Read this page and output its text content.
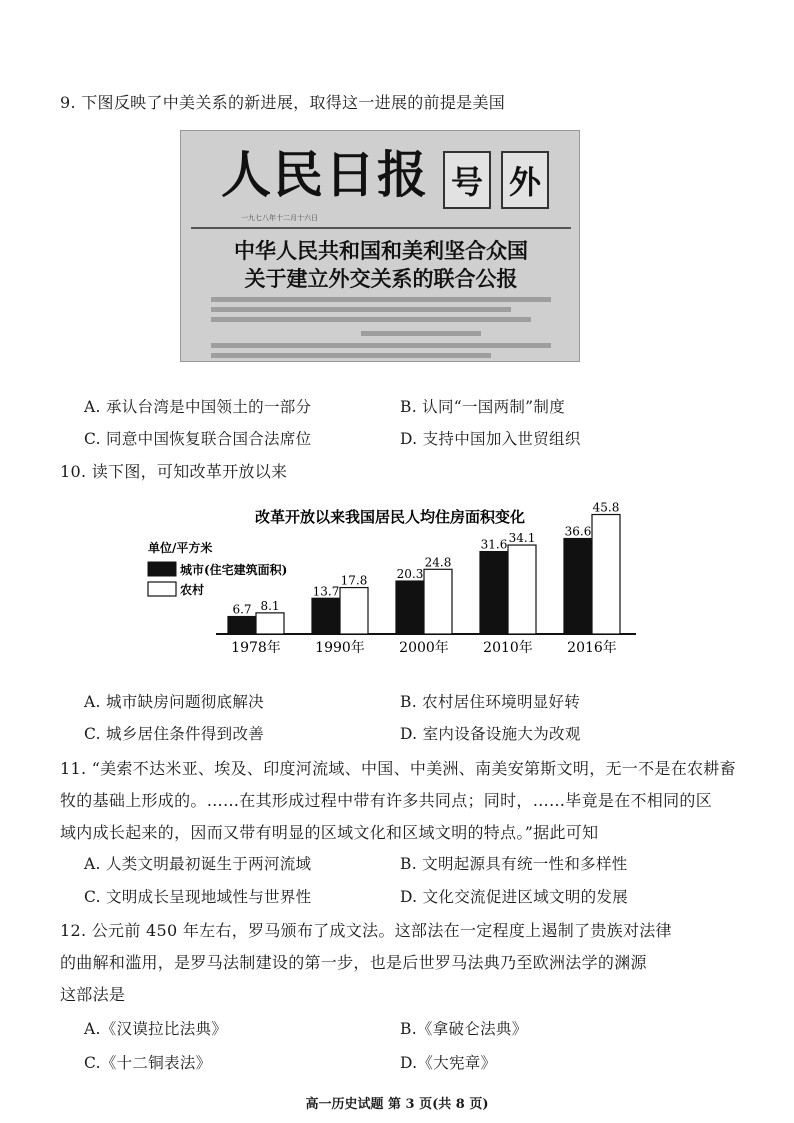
9. 下图反映了中美关系的新进展，取得这一进展的前提是美国
人民日报 号 外
一九七八年十二月十六日
中华人民共和国和美利坚合众国
关于建立外交关系的联合公报
A. 承认台湾是中国领土的一部分	B. 认同“一国两制”制度
C. 同意中国恢复联合国合法席位	D. 支持中国加入世贸组织
10. 读下图，可知改革开放以来
改革开放以来我国居民人均住房面积变化
单位/平方米
城市(住宅建筑面积)
农村
6.7 8.1
1978年
13.7
17.8
1990年
20.3
24.8
2000年
31.6 34.1
2010年
36.6
45.8
2016年
A. 城市缺房问题彻底解决	B. 农村居住环境明显好转
C. 城乡居住条件得到改善	D. 室内设备设施大为改观
11. “美索不达米亚、埃及、印度河流域、中国、中美洲、南美安第斯文明，无一不是在农耕畜
牧的基础上形成的。……在其形成过程中带有许多共同点；同时，……毕竟是在不相同的区
域内成长起来的，因而又带有明显的区域文化和区域文明的特点。”据此可知
A. 人类文明最初诞生于两河流域	B. 文明起源具有统一性和多样性
C. 文明成长呈现地域性与世界性	D. 文化交流促进区域文明的发展
12. 公元前 450 年左右，罗马颁布了成文法。这部法在一定程度上遏制了贵族对法律
的曲解和滥用，是罗马法制建设的第一步，也是后世罗马法典乃至欧洲法学的渊源
这部法是
A.《汉谟拉比法典》	B.《拿破仑法典》
C.《十二铜表法》	D.《大宪章》
高一历史试题 第 3 页(共 8 页)
